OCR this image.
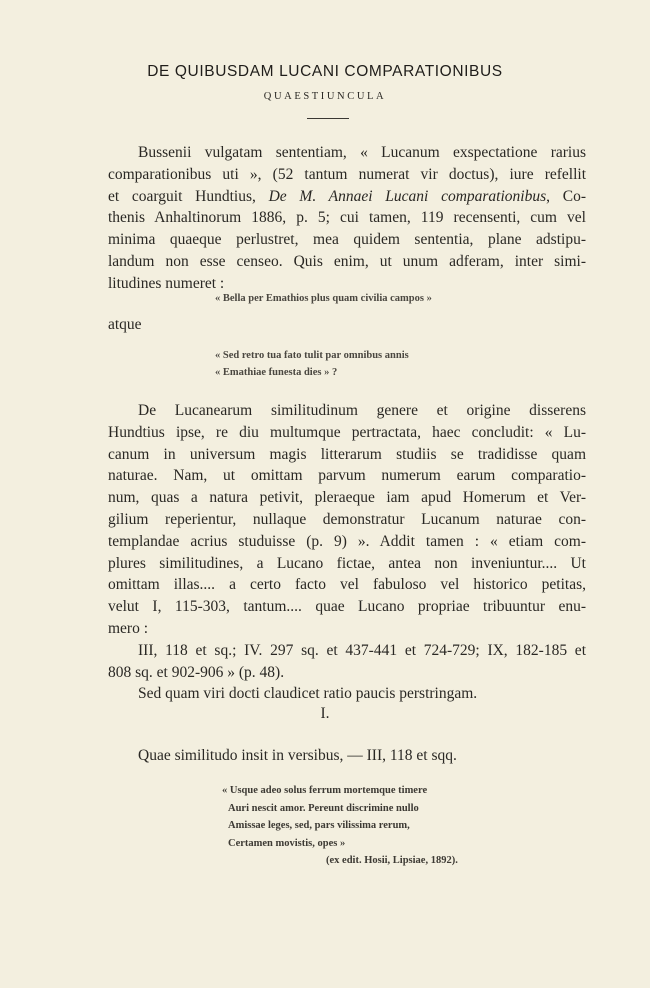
DE QUIBUSDAM LUCANI COMPARATIONIBUS
QUAESTIUNCULA
Bussenii vulgatam sententiam, « Lucanum exspectatione rarius
comparationibus uti », (52 tantum numerat vir doctus), iure refellit
et coarguit Hundtius, De M. Annaei Lucani comparationibus, Co-
thenis Anhaltinorum 1886, p. 5; cui tamen, 119 recensenti, cum vel
minima quaeque perlustret, mea quidem sententia, plane adstipu-
landum non esse censeo. Quis enim, ut unum adferam, inter simi-
litudines numeret :
« Bella per Emathios plus quam civilia campos »
atque
« Sed retro tua fato tulit par omnibus annis
« Emathiae funesta dies » ?
De Lucanearum similitudinum genere et origine disserens
Hundtius ipse, re diu multumque pertractata, haec concludit: « Lu-
canum in universum magis litterarum studiis se tradidisse quam
naturae. Nam, ut omittam parvum numerum earum comparatio-
num, quas a natura petivit, pleraeque iam apud Homerum et Ver-
gilium reperientur, nullaque demonstratur Lucanum naturae con-
templandae acrius studuisse (p. 9) ». Addit tamen : « etiam com-
plures similitudines, a Lucano fictae, antea non inveniuntur.... Ut
omittam illas.... a certo facto vel fabuloso vel historico petitas,
velut I, 115-303, tantum.... quae Lucano propriae tribuuntur enu-
mero :
III, 118 et sq.; IV. 297 sq. et 437-441 et 724-729; IX, 182-185 et
808 sq. et 902-906 » (p. 48).
Sed quam viri docti claudicet ratio paucis perstringam.
I.
Quae similitudo insit in versibus, — III, 118 et sqq.
« Usque adeo solus ferrum mortemque timere
Auri nescit amor. Pereunt discrimine nullo
Amissae leges, sed, pars vilissima rerum,
Certamen movistis, opes »
(ex edit. Hosii, Lipsiae, 1892).
